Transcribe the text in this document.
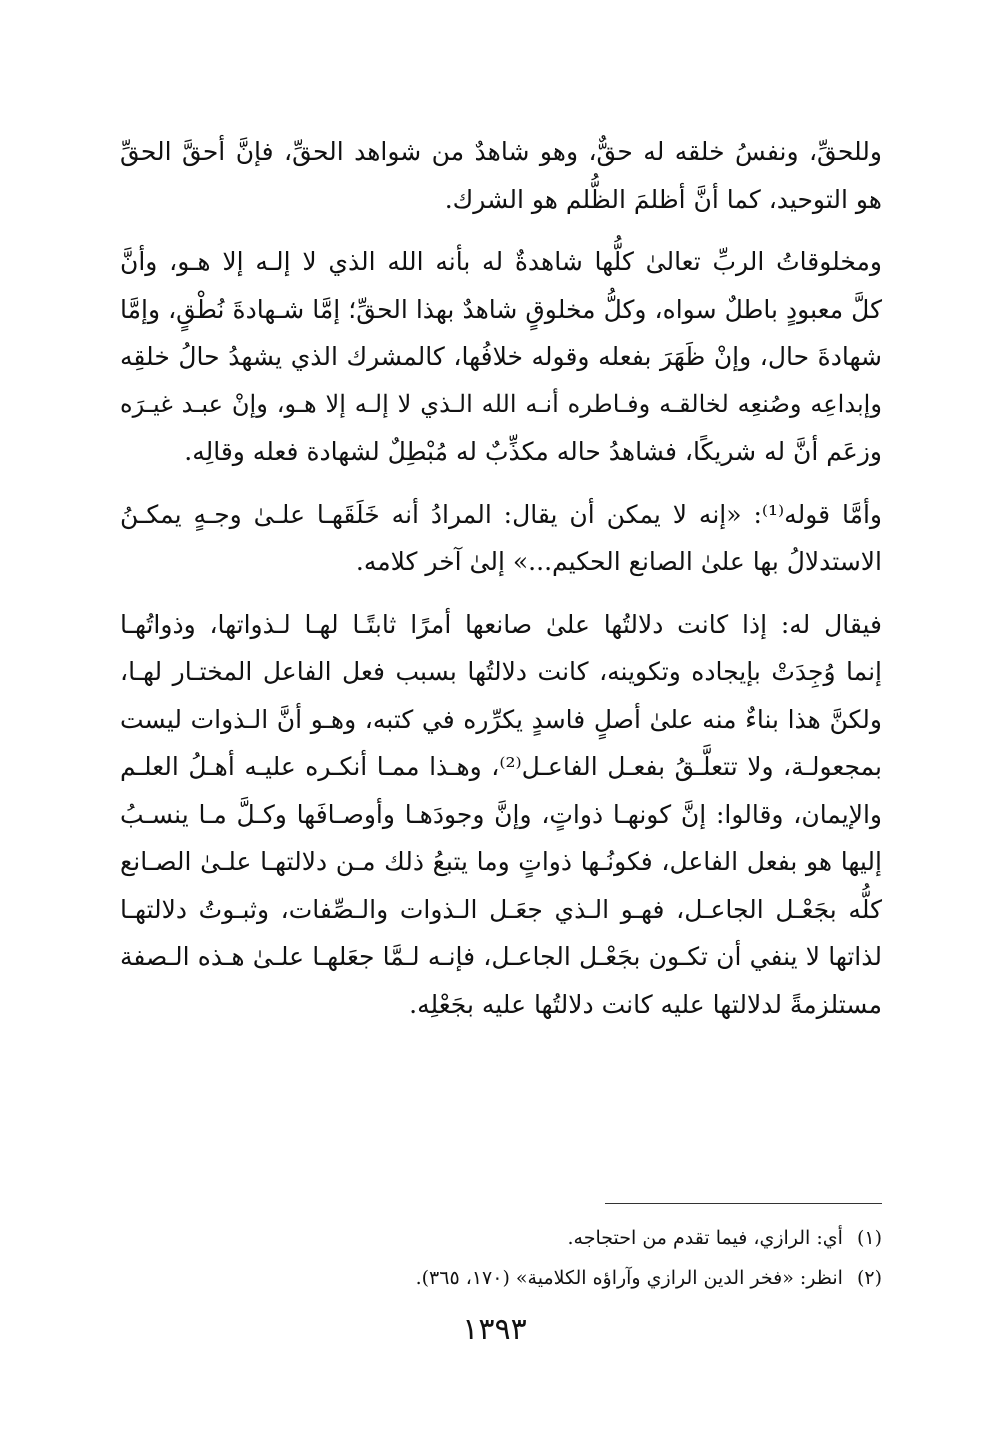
وللحقِّ، ونفسُ خلقه له حقٌّ، وهو شاهدٌ من شواهد الحقِّ، فإنَّ أحقَّ الحقِّ
هو التوحيد، كما أنَّ أظلمَ الظُّلم هو الشرك.

ومخلوقاتُ الربِّ تعالىٰ كلُّها شاهدةٌ له بأنه الله الذي لا إلـه إلا هـو، وأنَّ
كلَّ معبودٍ باطلٌ سواه، وكلُّ مخلوقٍ شاهدٌ بهذا الحقِّ؛ إمَّا شـهادةَ نُطْقٍ، وإمَّا
شهادةَ حال، وإنْ ظَهَرَ بفعله وقوله خلافُها، كالمشرك الذي يشهدُ حالُ خلقِه
وإبداعِه وصُنعِه لخالقـه وفـاطره أنـه الله الـذي لا إلـه إلا هـو، وإنْ عبـد غيـرَه
وزعَم أنَّ له شريكًا، فشاهدُ حاله مكذِّبٌ له مُبْطِلٌ لشهادة فعله وقالِه.

وأمَّا قوله⁽¹⁾: «إنه لا يمكن أن يقال: المرادُ أنه خَلَقَهـا علـىٰ وجـهٍ يمكـنُ
الاستدلالُ بها علىٰ الصانع الحكيم...» إلىٰ آخر كلامه.

فيقال له: إذا كانت دلالتُها علىٰ صانعها أمرًا ثابتًـا لهـا لـذواتها، وذواتُهـا
إنما وُجِدَتْ بإيجاده وتكوينه، كانت دلالتُها بسبب فعل الفاعل المختـار لهـا،
ولكنَّ هذا بناءٌ منه علىٰ أصلٍ فاسدٍ يكرِّره في كتبه، وهـو أنَّ الـذوات ليست
بمجعولـة، ولا تتعلَّـقُ بفعـل الفاعـل⁽²⁾، وهـذا ممـا أنكـره عليـه أهـلُ العلـم
والإيمان، وقالوا: إنَّ كونهـا ذواتٍ، وإنَّ وجودَهـا وأوصـافَها وكـلَّ مـا ينسـبُ
إليها هو بفعل الفاعل، فكونُـها ذواتٍ وما يتبعُ ذلك مـن دلالتهـا علـىٰ الصـانع
كلُّه بجَعْـل الجاعـل، فهـو الـذي جعَـل الـذوات والـصِّفات، وثبـوتُ دلالتهـا
لذاتها لا ينفي أن تكـون بجَعْـل الجاعـل، فإنـه لـمَّا جعَلهـا علـىٰ هـذه الـصفة
مستلزمةً لدلالتها عليه كانت دلالتُها عليه بجَعْلِه.

(١)أي: الرازي، فيما تقدم من احتجاجه.
(٢)انظر: «فخر الدين الرازي وآراؤه الكلامية» (١٧٠، ٣٦٥).
١٣٩٣
